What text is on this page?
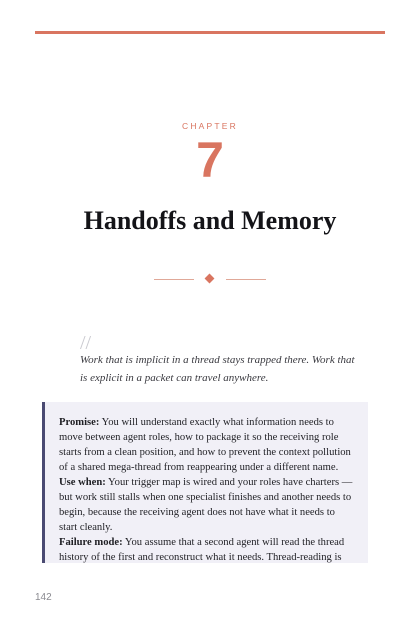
CHAPTER
7
Handoffs and Memory
//
Work that is implicit in a thread stays trapped there. Work that is explicit in a packet can travel anywhere.

Promise: You will understand exactly what information needs to move between agent roles, how to package it so the receiving role starts from a clean position, and how to prevent the context pollution of a shared mega-thread from reappearing under a different name.

Use when: Your trigger map is wired and your roles have charters — but work still stalls when one specialist finishes and another needs to begin, because the receiving agent does not have what it needs to start cleanly.

Failure mode: You assume that a second agent will read the thread history of the first and reconstruct what it needs. Thread-reading is

142
